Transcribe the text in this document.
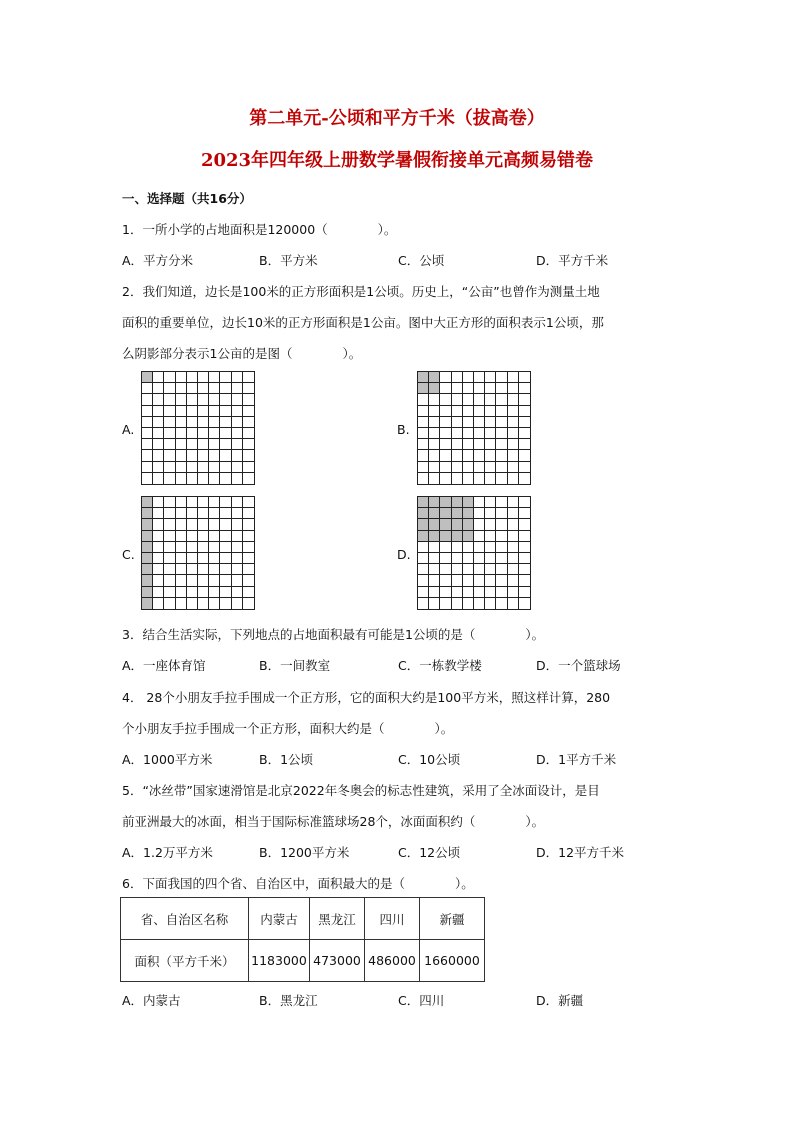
第二单元-公顷和平方千米（拔高卷）
2023年四年级上册数学暑假衔接单元高频易错卷
一、选择题（共16分）
1．一所小学的占地面积是120000（　　　　）。
A．平方分米	B．平方米	C．公顷	D．平方千米
2．我们知道，边长是100米的正方形面积是1公顷。历史上，“公亩”也曾作为测量土地
面积的重要单位，边长10米的正方形面积是1公亩。图中大正方形的面积表示1公顷，那
么阴影部分表示1公亩的是图（　　　　）。
A.	B.
C.	D.
3．结合生活实际，下列地点的占地面积最有可能是1公顷的是（　　　　）。
A．一座体育馆	B．一间教室	C．一栋教学楼	D．一个篮球场
4． 28个小朋友手拉手围成一个正方形，它的面积大约是100平方米，照这样计算，280
个小朋友手拉手围成一个正方形，面积大约是（　　　　）。
A．1000平方米	B．1公顷	C．10公顷	D．1平方千米
5．“冰丝带”国家速滑馆是北京2022年冬奥会的标志性建筑，采用了全冰面设计，是目
前亚洲最大的冰面，相当于国际标准篮球场28个，冰面面积约（　　　　）。
A．1.2万平方米	B．1200平方米	C．12公顷	D．12平方千米
6．下面我国的四个省、自治区中，面积最大的是（　　　　）。
省、自治区名称	内蒙古	黑龙江	四川	新疆
面积（平方千米）	1183000	473000	486000	1660000
A．内蒙古	B．黑龙江	C．四川	D．新疆
